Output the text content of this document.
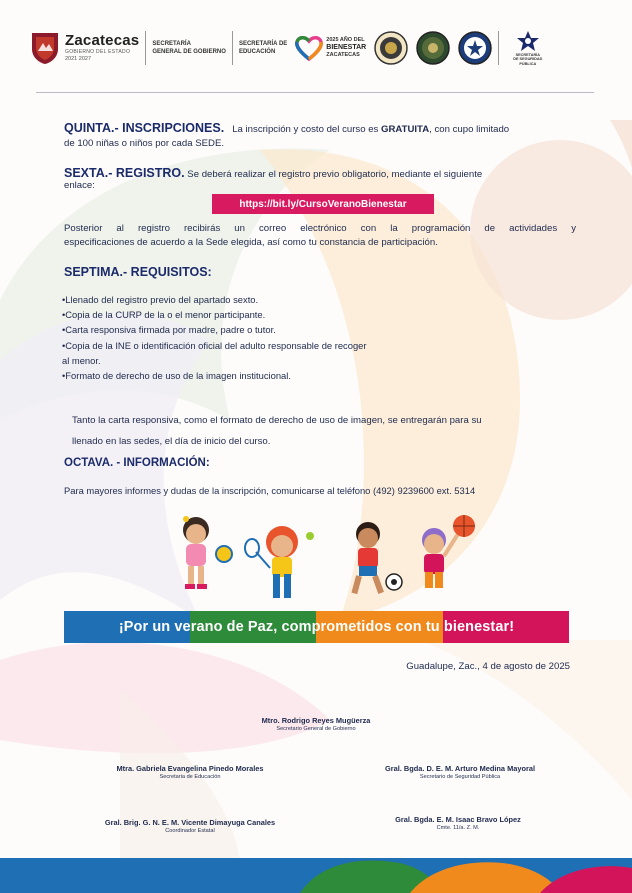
Zacatecas
GOBIERNO DEL ESTADO
2021 2027
SECRETARÍA
GENERAL DE GOBIERNO
SECRETARÍA DE
EDUCACIÓN
2025 AÑO DEL
BIENESTAR
ZACATECAS	SECRETARÍA
DE SEGURIDAD
PÚBLICA
QUINTA.- INSCRIPCIONES. La inscripción y costo del curso es GRATUITA, con cupo limitado
de 100 niñas o niños por cada SEDE.
SEXTA.- REGISTRO. Se deberá realizar el registro previo obligatorio, mediante el siguiente
enlace:
https://bit.ly/CursoVeranoBienestar
Posterior al registro recibirás un correo electrónico con la programación de actividades y
especificaciones de acuerdo a la Sede elegida, así como tu constancia de participación.
SEPTIMA.- REQUISITOS:
•Llenado del registro previo del apartado sexto.
•Copia de la CURP de la o el menor participante.
•Carta responsiva firmada por madre, padre o tutor.
•Copia de la INE o identificación oficial del adulto responsable de recoger
al menor.
•Formato de derecho de uso de la imagen institucional.
Tanto la carta responsiva, como el formato de derecho de uso de imagen, se entregarán para su
llenado en las sedes, el día de inicio del curso.
OCTAVA. - INFORMACIÓN:
Para mayores informes y dudas de la inscripción, comunicarse al teléfono (492) 9239600 ext. 5314
¡Por un verano de Paz, comprometidos con tu bienestar!
Guadalupe, Zac., 4 de agosto de 2025
Mtro. Rodrigo Reyes Mugüerza
Secretario General de Gobierno
Mtra. Gabriela Evangelina Pinedo Morales
Secretaria de Educación
Gral. Bgda. D. E. M. Arturo Medina Mayoral
Secretario de Seguridad Pública
Gral. Brig. G. N. E. M. Vicente Dimayuga Canales
Coordinador Estatal
Gral. Bgda. E. M. Isaac Bravo López
Cmte. 11/a. Z. M.
